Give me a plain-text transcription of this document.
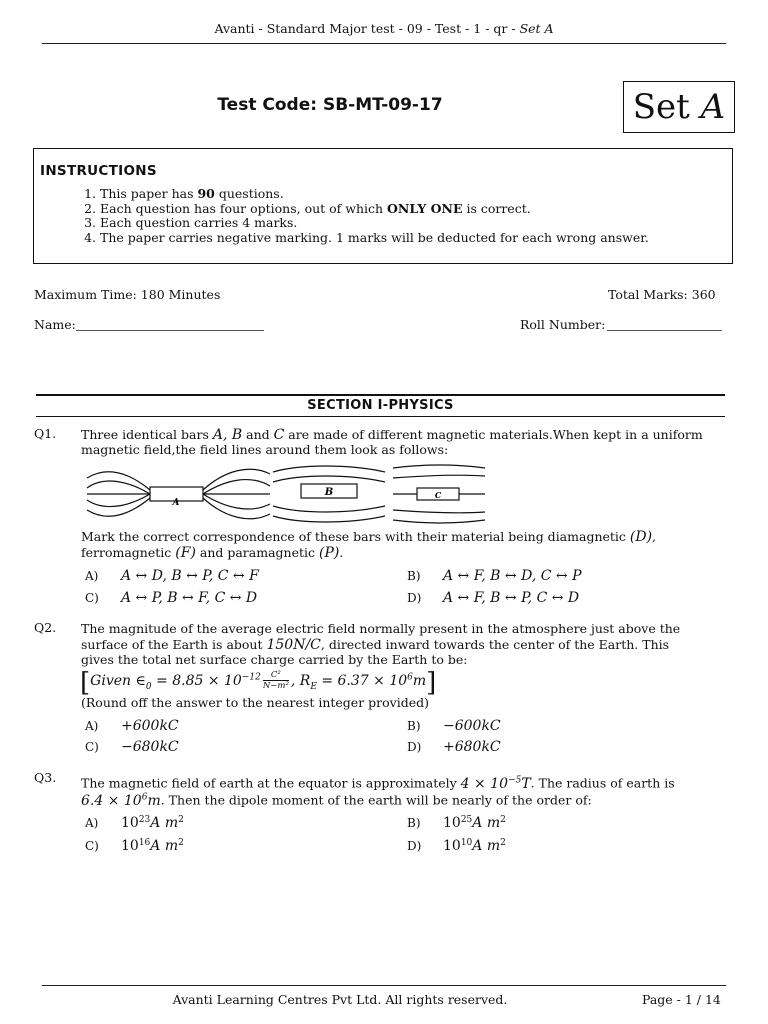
Avanti - Standard Major test - 09 - Test - 1 - qr - Set A
Test Code: SB-MT-09-17	Set A
INSTRUCTIONS
1. This paper has 90 questions.
2. Each question has four options, out of which ONLY ONE is correct.
3. Each question carries 4 marks.
4. The paper carries negative marking. 1 marks will be deducted for each wrong answer.
Maximum Time: 180 Minutes	Total Marks: 360
Name:	Roll Number:
SECTION I-PHYSICS
Q1. Three identical bars A, B and C are made of different magnetic materials.When kept in a uniform
magnetic field,the field lines around them look as follows:
A
B	C
Mark the correct correspondence of these bars with their material being diamagnetic (D),
ferromagnetic (F) and paramagnetic (P).
A) A ↔ D, B ↔ P, C ↔ F	B) A ↔ F, B ↔ D, C ↔ P
C) A ↔ P, B ↔ F, C ↔ D	D) A ↔ F, B ↔ P, C ↔ D
Q2. The magnitude of the average electric field normally present in the atmosphere just above the
surface of the Earth is about 150N/C, directed inward towards the center of the Earth. This
gives the total net surface charge carried by the Earth to be:
[Given $\in_0 = 8.85 \times 10^{-12} \frac{\text{C²}}{\text{N−m²}}$ , $R_E = 6.37 \times 10^6m$]
(Round off the answer to the nearest integer provided)
A) +600kC	B) −600kC
C) −680kC	D) +680kC
Q3. The magnetic field of earth at the equator is approximately $4 \times 10^{-5}T$. The radius of earth is
$6.4 \times 10^6m$. Then the dipole moment of the earth will be nearly of the order of:
A) $10^{23}A$ $m^2$	B) $10^{25}A$ $m^2$
C) $10^{16}A$ $m^2$	D) $10^{10}A$ $m^2$
Avanti Learning Centres Pvt Ltd. All rights reserved.	Page - 1 / 14
